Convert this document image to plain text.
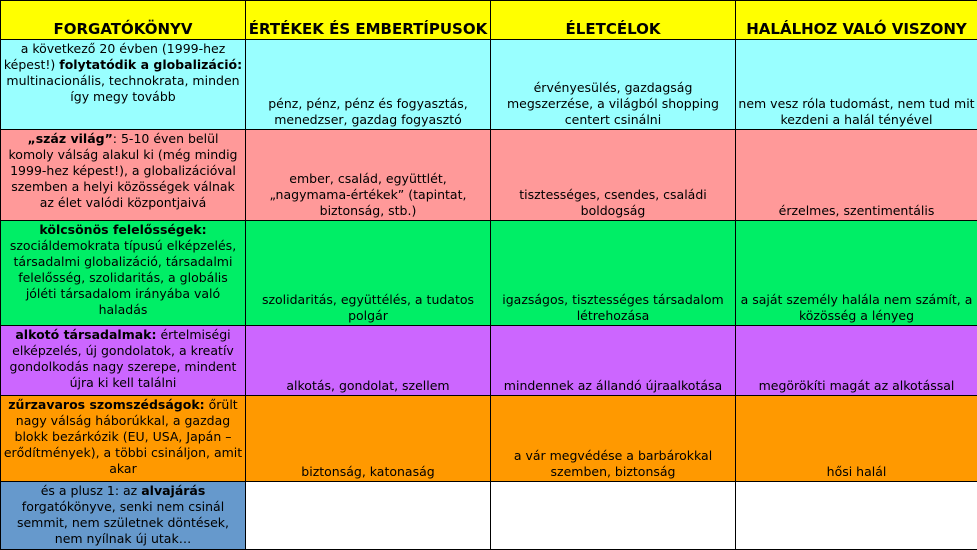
FORGATÓKÖNYV	ÉRTÉKEK ÉS EMBERTÍPUSOK	ÉLETCÉLOK	HALÁLHOZ VALÓ VISZONY
a következő 20 évben (1999-hez képest!) folytatódik a globalizáció: multinacionális, technokrata, minden így megy tovább	pénz, pénz, pénz és fogyasztás, menedzser, gazdag fogyasztó	érvényesülés, gazdagság megszerzése, a világból shopping centert csinálni	nem vesz róla tudomást, nem tud mit kezdeni a halál tényével
„száz világ”: 5-10 éven belül komoly válság alakul ki (még mindig 1999-hez képest!), a globalizációval szemben a helyi közösségek válnak az élet valódi központjaivá	ember, család, együttlét, „nagymama-értékek” (tapintat, biztonság, stb.)	tisztességes, csendes, családi boldogság	érzelmes, szentimentális
kölcsönös felelősségek: szociáldemokrata típusú elképzelés, társadalmi globalizáció, társadalmi felelősség, szolidaritás, a globális jóléti társadalom irányába való haladás	szolidaritás, együttélés, a tudatos polgár	igazságos, tisztességes társadalom létrehozása	a saját személy halála nem számít, a közösség a lényeg
alkotó társadalmak: értelmiségi elképzelés, új gondolatok, a kreatív gondolkodás nagy szerepe, mindent újra ki kell találni	alkotás, gondolat, szellem	mindennek az állandó újraalkotása	megörökíti magát az alkotással
zűrzavaros szomszédságok: őrült nagy válság háborúkkal, a gazdag blokk bezárkózik (EU, USA, Japán – erődítmények), a többi csináljon, amit akar	biztonság, katonaság	a vár megvédése a barbárokkal szemben, biztonság	hősi halál
és a plusz 1: az alvajárás forgatókönyve, senki nem csinál semmit, nem születnek döntések, nem nyílnak új utak…			
